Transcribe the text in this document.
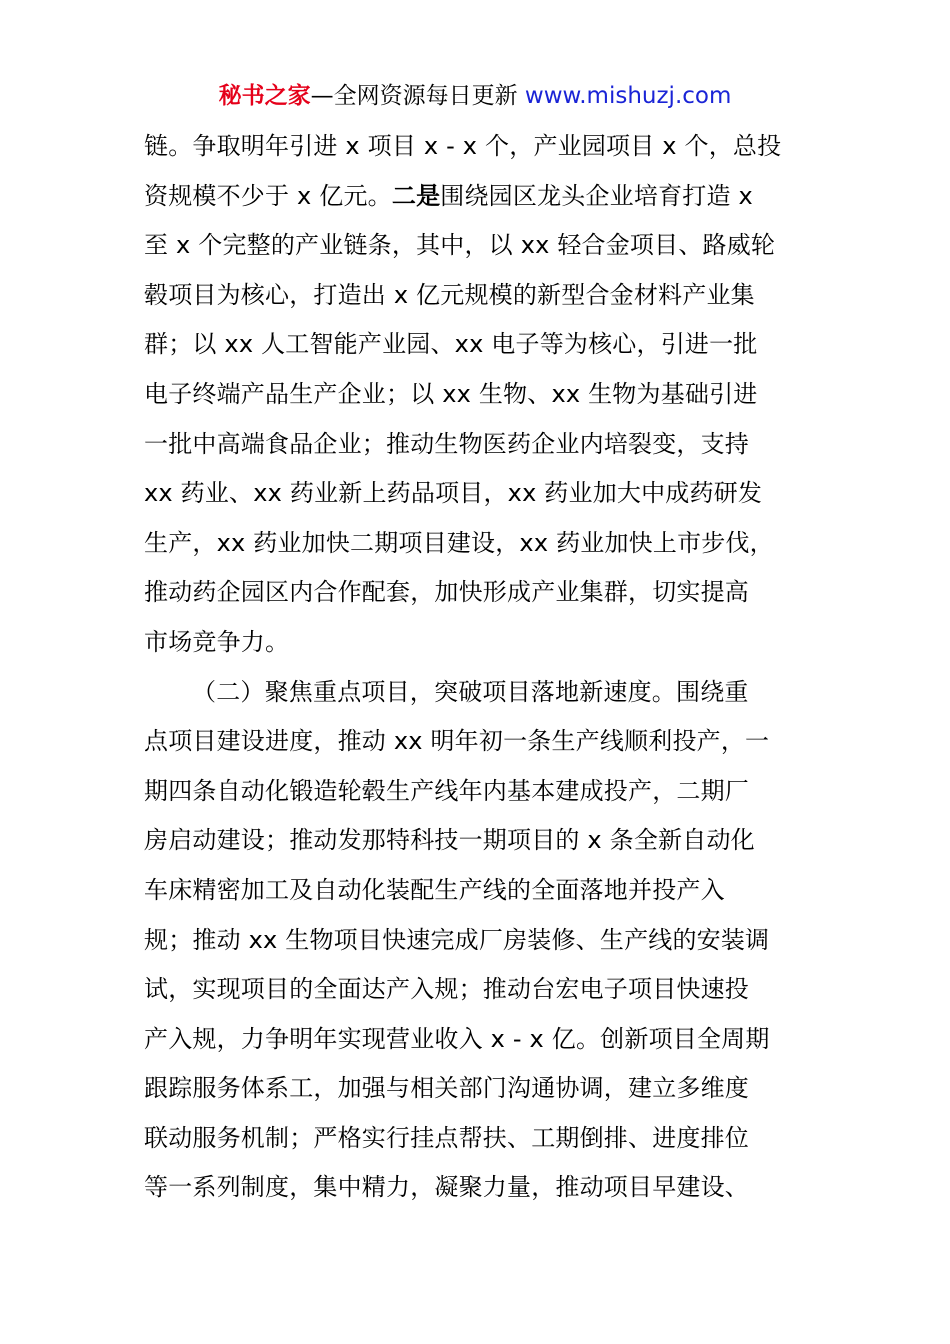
秘书之家—全网资源每日更新 www.mishuzj.com
链。争取明年引进 x 项目 x - x 个，产业园项目 x 个，总投
资规模不少于 x 亿元。二是围绕园区龙头企业培育打造 x
至 x 个完整的产业链条，其中，以 xx 轻合金项目、路威轮
毂项目为核心，打造出 x 亿元规模的新型合金材料产业集
群；以 xx 人工智能产业园、xx 电子等为核心，引进一批
电子终端产品生产企业；以 xx 生物、xx 生物为基础引进
一批中高端食品企业；推动生物医药企业内培裂变，支持
xx 药业、xx 药业新上药品项目，xx 药业加大中成药研发
生产，xx 药业加快二期项目建设，xx 药业加快上市步伐，
推动药企园区内合作配套，加快形成产业集群，切实提高
市场竞争力。
（二）聚焦重点项目，突破项目落地新速度。围绕重
点项目建设进度，推动 xx 明年初一条生产线顺利投产，一
期四条自动化锻造轮毂生产线年内基本建成投产，二期厂
房启动建设；推动发那特科技一期项目的 x 条全新自动化
车床精密加工及自动化装配生产线的全面落地并投产入
规；推动 xx 生物项目快速完成厂房装修、生产线的安装调
试，实现项目的全面达产入规；推动台宏电子项目快速投
产入规，力争明年实现营业收入 x - x 亿。创新项目全周期
跟踪服务体系工，加强与相关部门沟通协调，建立多维度
联动服务机制；严格实行挂点帮扶、工期倒排、进度排位
等一系列制度，集中精力，凝聚力量，推动项目早建设、
